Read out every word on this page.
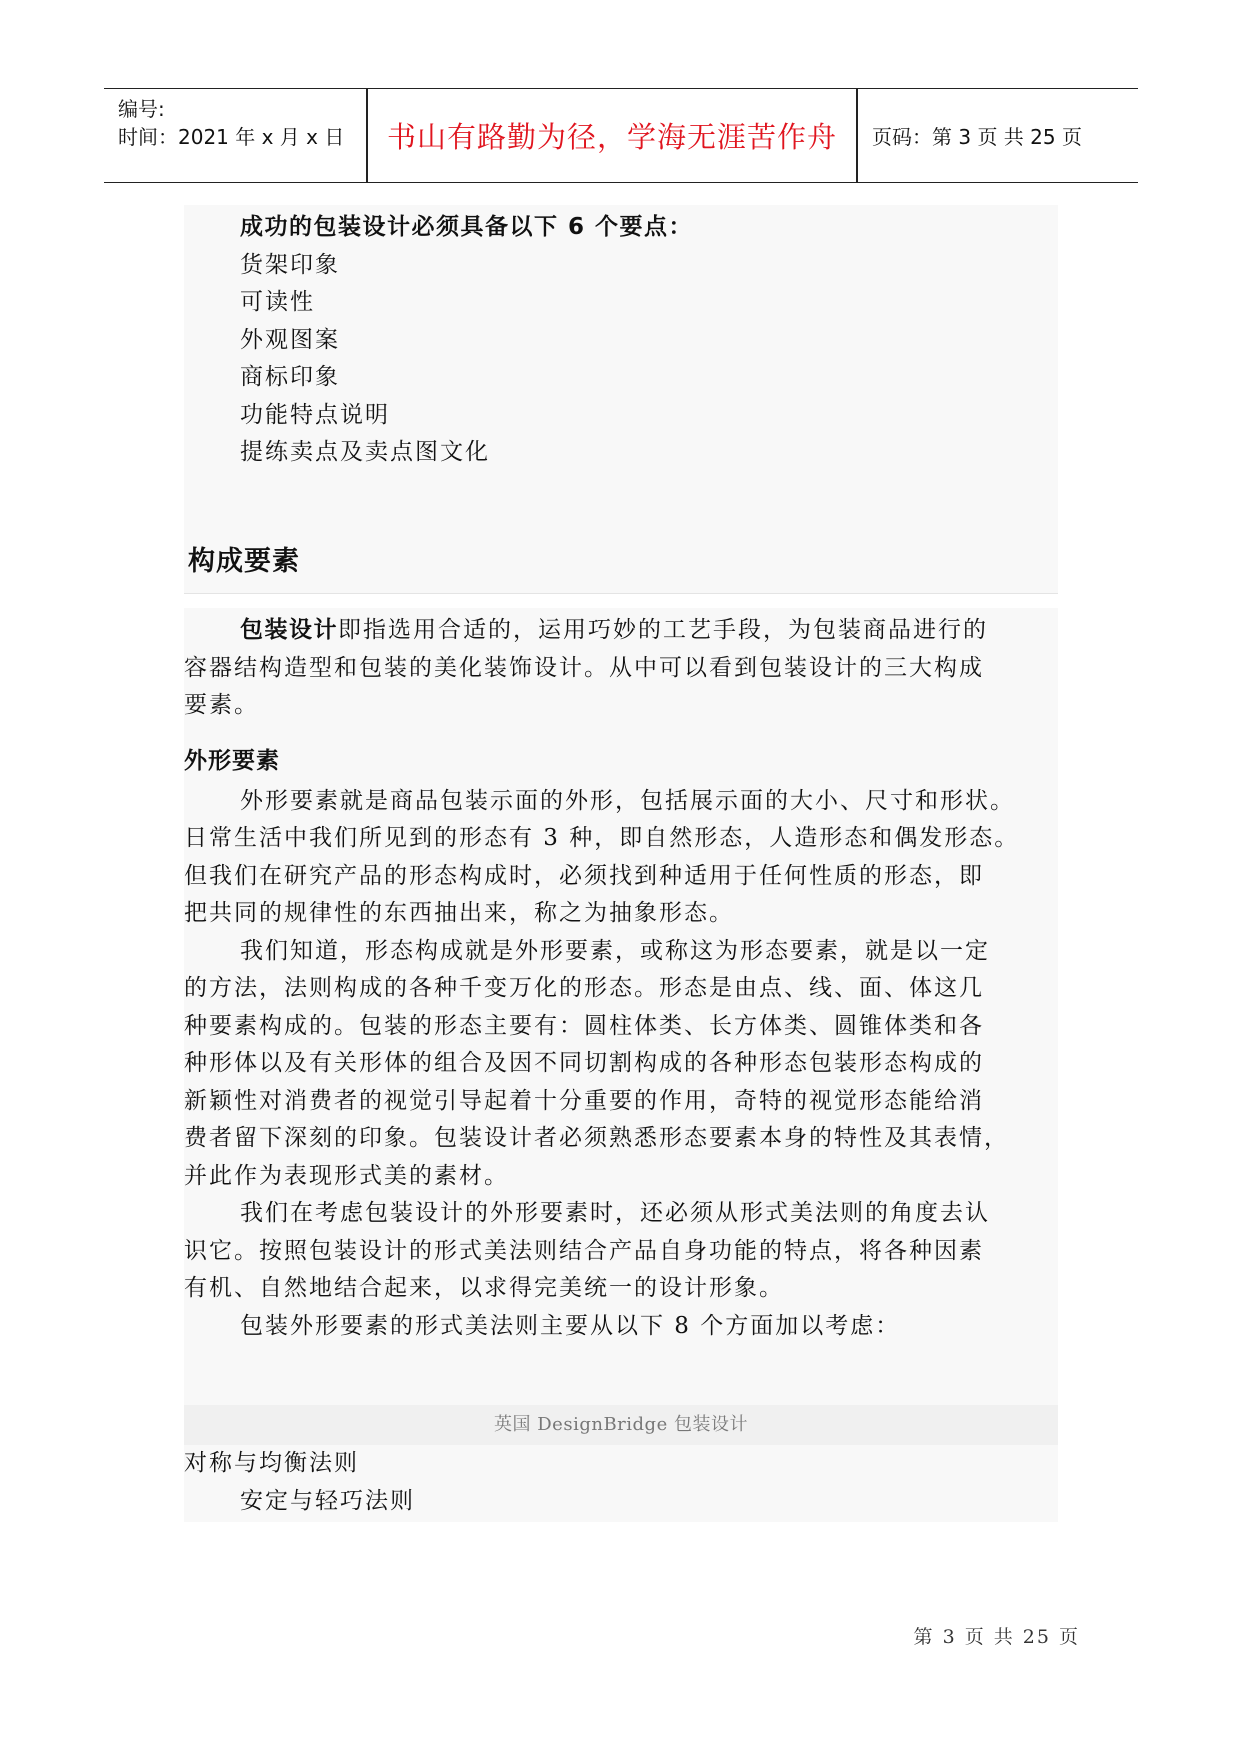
编号:
时间：2021 年 x 月 x 日	书山有路勤为径，学海无涯苦作舟	页码：第 3 页 共 25 页
成功的包装设计必须具备以下 6 个要点：
货架印象
可读性
外观图案
商标印象
功能特点说明
提练卖点及卖点图文化
构成要素
包装设计即指选用合适的，运用巧妙的工艺手段，为包装商品进行的
容器结构造型和包装的美化装饰设计。从中可以看到包装设计的三大构成
要素。
外形要素
外形要素就是商品包装示面的外形，包括展示面的大小、尺寸和形状。
日常生活中我们所见到的形态有 3 种，即自然形态，人造形态和偶发形态。
但我们在研究产品的形态构成时，必须找到种适用于任何性质的形态，即
把共同的规律性的东西抽出来，称之为抽象形态。
我们知道，形态构成就是外形要素，或称这为形态要素，就是以一定
的方法，法则构成的各种千变万化的形态。形态是由点、线、面、体这几
种要素构成的。包装的形态主要有：圆柱体类、长方体类、圆锥体类和各
种形体以及有关形体的组合及因不同切割构成的各种形态包装形态构成的
新颖性对消费者的视觉引导起着十分重要的作用，奇特的视觉形态能给消
费者留下深刻的印象。包装设计者必须熟悉形态要素本身的特性及其表情，
并此作为表现形式美的素材。
我们在考虑包装设计的外形要素时，还必须从形式美法则的角度去认
识它。按照包装设计的形式美法则结合产品自身功能的特点，将各种因素
有机、自然地结合起来，以求得完美统一的设计形象。
包装外形要素的形式美法则主要从以下 8 个方面加以考虑：
英国 DesignBridge 包装设计
对称与均衡法则
安定与轻巧法则
第 3 页 共 25 页
